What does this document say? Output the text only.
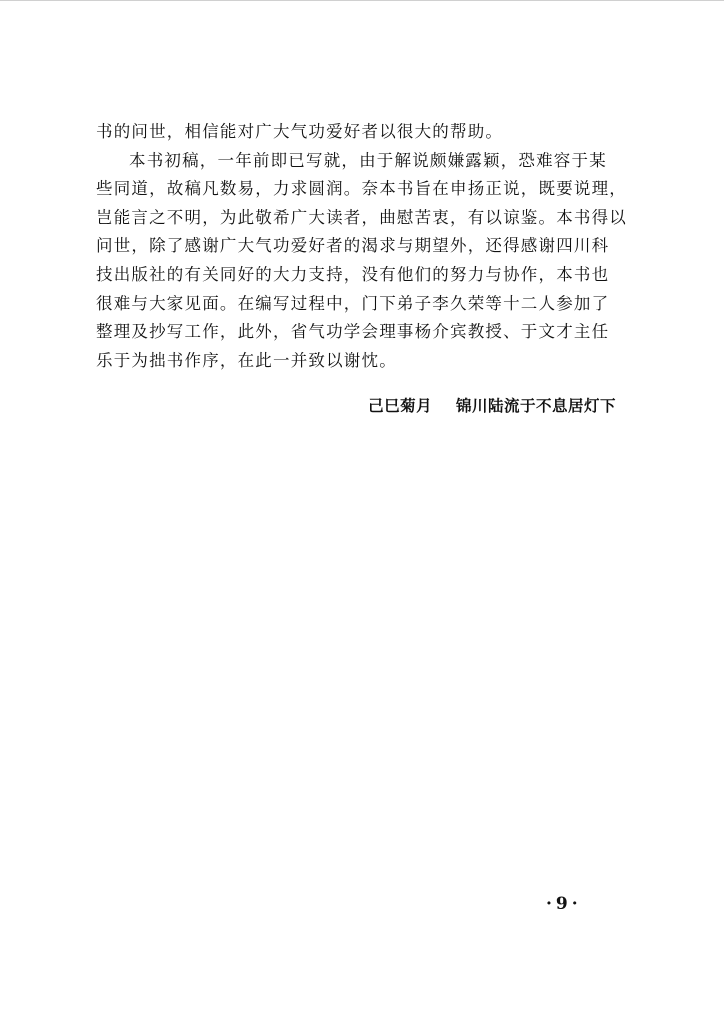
书的问世，相信能对广大气功爱好者以很大的帮助。
本书初稿，一年前即已写就，由于解说颇嫌露颖，恐难容于某
些同道，故稿凡数易，力求圆润。奈本书旨在申扬正说，既要说理，
岂能言之不明，为此敬希广大读者，曲慰苦衷，有以谅鉴。本书得以
问世，除了感谢广大气功爱好者的渴求与期望外，还得感谢四川科
技出版社的有关同好的大力支持，没有他们的努力与协作，本书也
很难与大家见面。在编写过程中，门下弟子李久荣等十二人参加了
整理及抄写工作，此外，省气功学会理事杨介宾教授、于文才主任
乐于为拙书作序，在此一并致以谢忱。
己巳菊月 锦川陆流于不息居灯下
·9·
